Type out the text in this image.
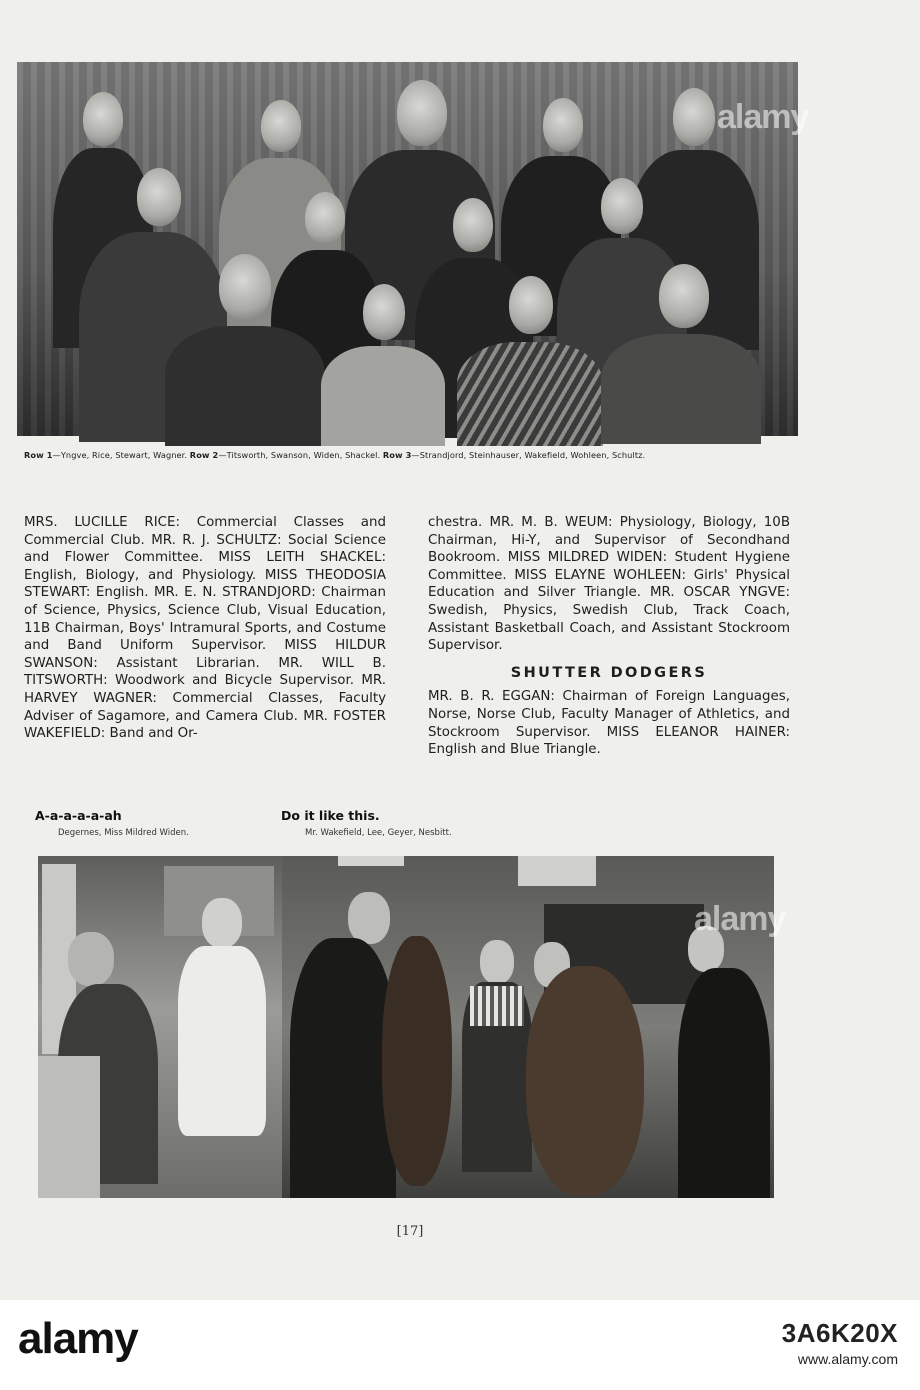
alamy
Row 1—Yngve, Rice, Stewart, Wagner. Row 2—Titsworth, Swanson, Widen, Shackel. Row 3—Strandjord, Steinhauser, Wakefield, Wohleen, Schultz.

MRS. LUCILLE RICE: Commercial Classes and Commercial Club. MR. R. J. SCHULTZ: Social Science and Flower Committee. MISS LEITH SHACKEL: English, Biology, and Physiology. MISS THEODOSIA STEWART: English. MR. E. N. STRANDJORD: Chairman of Science, Physics, Science Club, Visual Education, 11B Chairman, Boys' Intramural Sports, and Costume and Band Uniform Supervisor. MISS HILDUR SWANSON: Assistant Librarian. MR. WILL B. TITSWORTH: Woodwork and Bicycle Supervisor. MR. HARVEY WAGNER: Commercial Classes, Faculty Adviser of Sagamore, and Camera Club. MR. FOSTER WAKEFIELD: Band and Or-

chestra. MR. M. B. WEUM: Physiology, Biology, 10B Chairman, Hi-Y, and Supervisor of Secondhand Bookroom. MISS MILDRED WIDEN: Student Hygiene Committee. MISS ELAYNE WOHLEEN: Girls' Physical Education and Silver Triangle. MR. OSCAR YNGVE: Swedish, Physics, Swedish Club, Track Coach, Assistant Basketball Coach, and Assistant Stockroom Supervisor.

SHUTTER DODGERS

MR. B. R. EGGAN: Chairman of Foreign Languages, Norse, Norse Club, Faculty Manager of Athletics, and Stockroom Supervisor. MISS ELEANOR HAINER: English and Blue Triangle.

A-a-a-a-a-ah
Degernes, Miss Mildred Widen.
Do it like this.
Mr. Wakefield, Lee, Geyer, Nesbitt.
alamy
[17]
alamy	3A6K20X
www.alamy.com
